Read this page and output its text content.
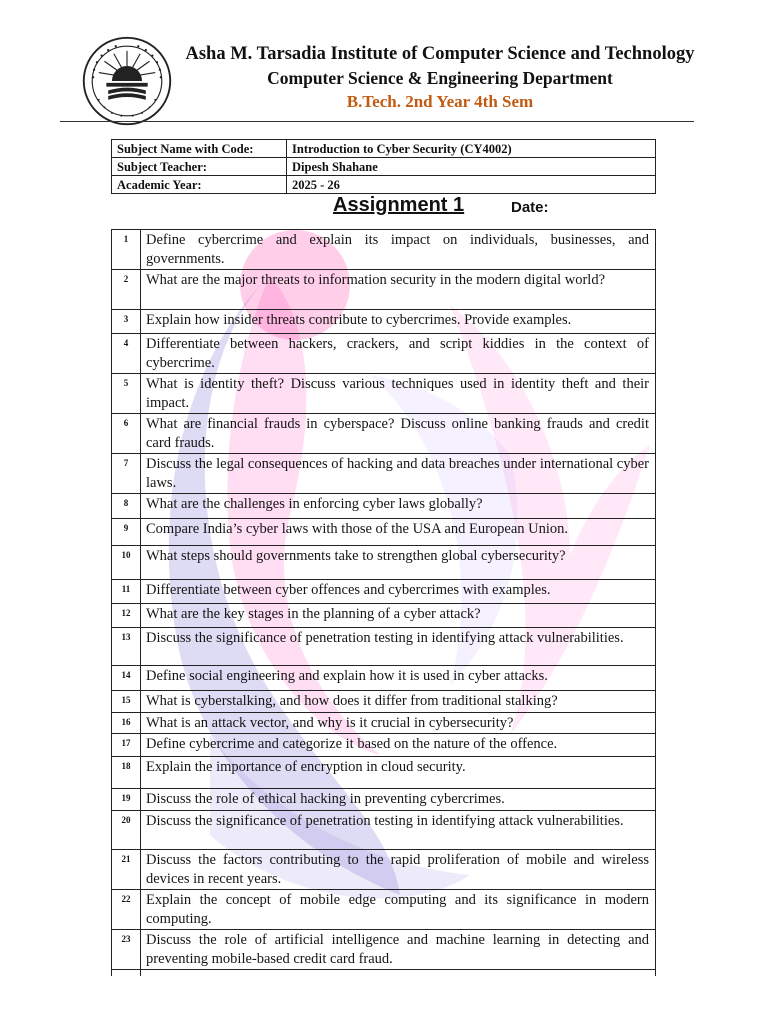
Asha M. Tarsadia Institute of Computer Science and Technology
Computer Science & Engineering Department
B.Tech. 2nd Year 4th Sem
Subject Name with Code:	Introduction to Cyber Security (CY4002)
Subject Teacher:	Dipesh Shahane
Academic Year:	2025 - 26
Assignment 1	Date:
1	Define cybercrime and explain its impact on individuals, businesses, and governments.
2	What are the major threats to information security in the modern digital world?
3	Explain how insider threats contribute to cybercrimes. Provide examples.
4	Differentiate between hackers, crackers, and script kiddies in the context of cybercrime.
5	What is identity theft? Discuss various techniques used in identity theft and their impact.
6	What are financial frauds in cyberspace? Discuss online banking frauds and credit card frauds.
7	Discuss the legal consequences of hacking and data breaches under international cyber laws.
8	What are the challenges in enforcing cyber laws globally?
9	Compare India’s cyber laws with those of the USA and European Union.
10	What steps should governments take to strengthen global cybersecurity?
11	Differentiate between cyber offences and cybercrimes with examples.
12	What are the key stages in the planning of a cyber attack?
13	Discuss the significance of penetration testing in identifying attack vulnerabilities.
14	Define social engineering and explain how it is used in cyber attacks.
15	What is cyberstalking, and how does it differ from traditional stalking?
16	What is an attack vector, and why is it crucial in cybersecurity?
17	Define cybercrime and categorize it based on the nature of the offence.
18	Explain the importance of encryption in cloud security.
19	Discuss the role of ethical hacking in preventing cybercrimes.
20	Discuss the significance of penetration testing in identifying attack vulnerabilities.
21	Discuss the factors contributing to the rapid proliferation of mobile and wireless devices in recent years.
22	Explain the concept of mobile edge computing and its significance in modern computing.
23	Discuss the role of artificial intelligence and machine learning in detecting and preventing mobile-based credit card fraud.
